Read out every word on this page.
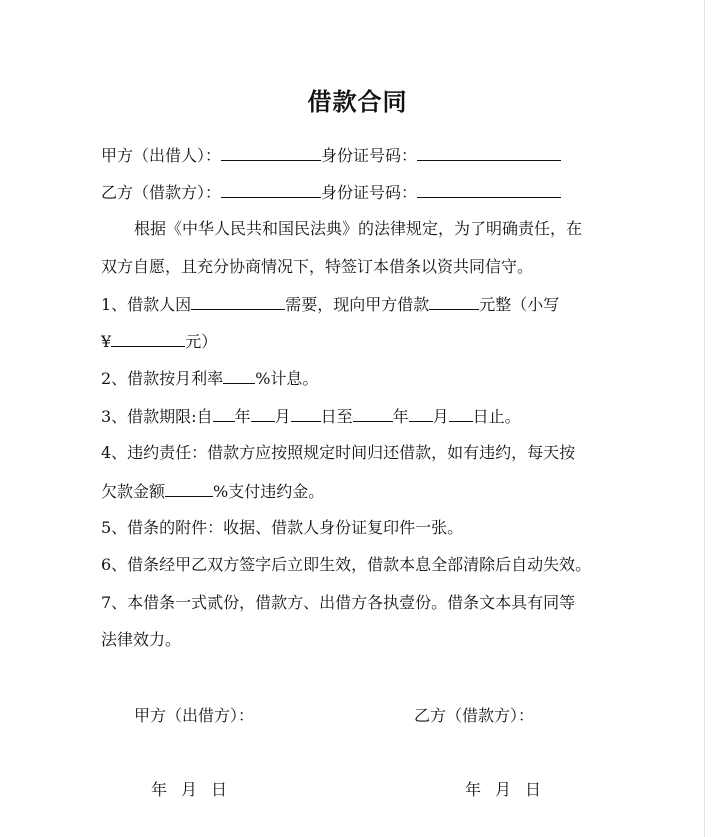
借款合同
甲方（出借人）：	身份证号码：
乙方（借款方）：	身份证号码：
根据《中华人民共和国民法典》的法律规定，为了明确责任，在
双方自愿，且充分协商情况下，特签订本借条以资共同信守。
1、借款人因	需要，现向甲方借款	元整（小写
¥	元）
2、借款按月利率 %计息。
3、借款期限:自 年 月 日至	年 月 日止。
4、违约责任：借款方应按照规定时间归还借款，如有违约，每天按
欠款金额	%支付违约金。
5、借条的附件：收据、借款人身份证复印件一张。
6、借条经甲乙双方签字后立即生效，借款本息全部清除后自动失效。
7、本借条一式贰份，借款方、出借方各执壹份。借条文本具有同等
法律效力。
甲方（出借方）：	乙方（借款方）：
年 月 日	年 月 日
